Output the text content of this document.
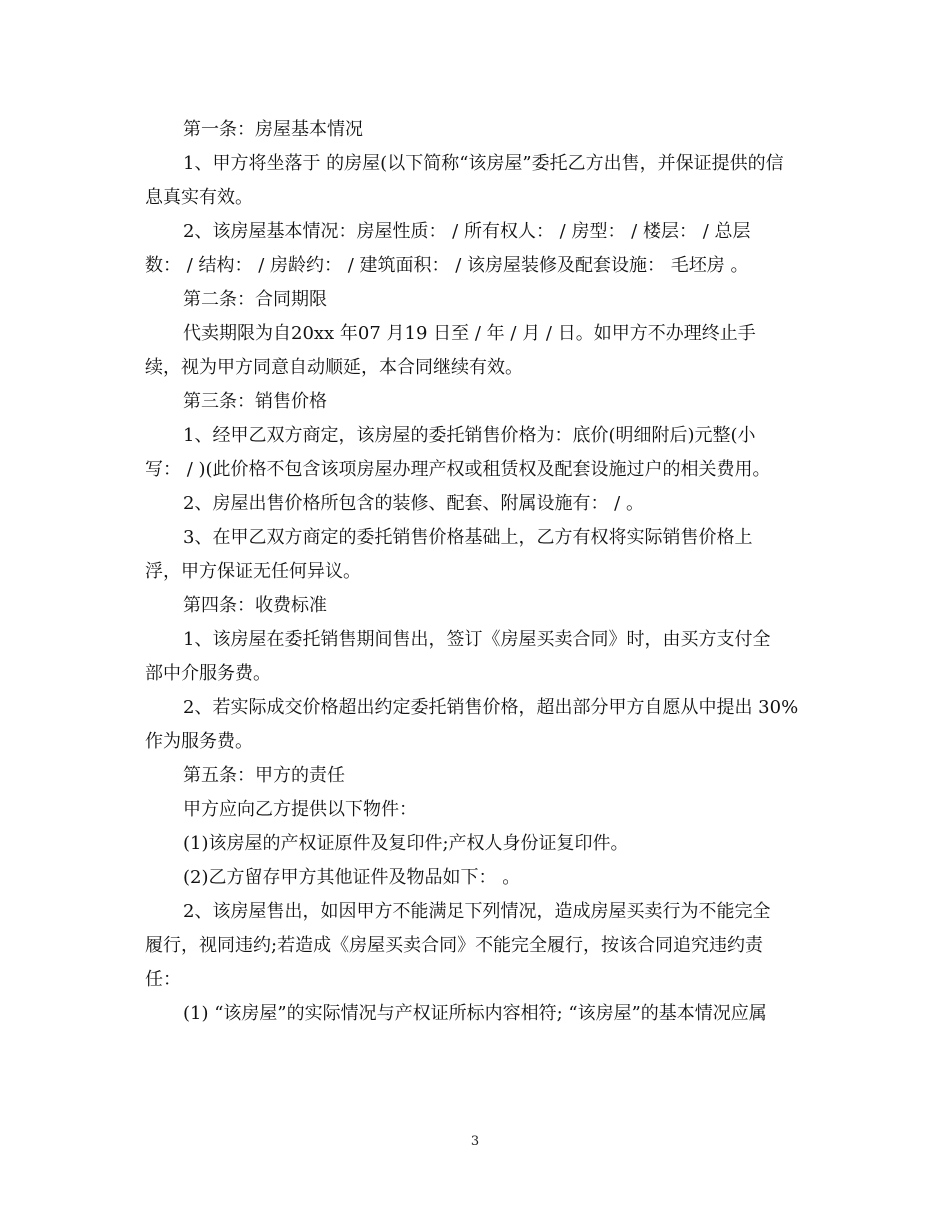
第一条：房屋基本情况

1、甲方将坐落于 的房屋(以下简称“该房屋”委托乙方出售，并保证提供的信
息真实有效。

2、该房屋基本情况：房屋性质： / 所有权人： / 房型： / 楼层： / 总层
数： / 结构： / 房龄约： / 建筑面积： / 该房屋装修及配套设施： 毛坯房 。

第二条：合同期限

代卖期限为自20xx 年07 月19 日至 / 年 / 月 / 日。如甲方不办理终止手
续，视为甲方同意自动顺延，本合同继续有效。

第三条：销售价格

1、经甲乙双方商定，该房屋的委托销售价格为：底价(明细附后)元整(小
写： / )(此价格不包含该项房屋办理产权或租赁权及配套设施过户的相关费用。

2、房屋出售价格所包含的装修、配套、附属设施有： / 。

3、在甲乙双方商定的委托销售价格基础上，乙方有权将实际销售价格上
浮，甲方保证无任何异议。

第四条：收费标准

1、该房屋在委托销售期间售出，签订《房屋买卖合同》时，由买方支付全
部中介服务费。

2、若实际成交价格超出约定委托销售价格，超出部分甲方自愿从中提出 30%
作为服务费。

第五条：甲方的责任

甲方应向乙方提供以下物件：

(1)该房屋的产权证原件及复印件;产权人身份证复印件。

(2)乙方留存甲方其他证件及物品如下： 。

2、该房屋售出，如因甲方不能满足下列情况，造成房屋买卖行为不能完全
履行，视同违约;若造成《房屋买卖合同》不能完全履行，按该合同追究违约责
任：

(1) “该房屋”的实际情况与产权证所标内容相符; “该房屋”的基本情况应属

3
